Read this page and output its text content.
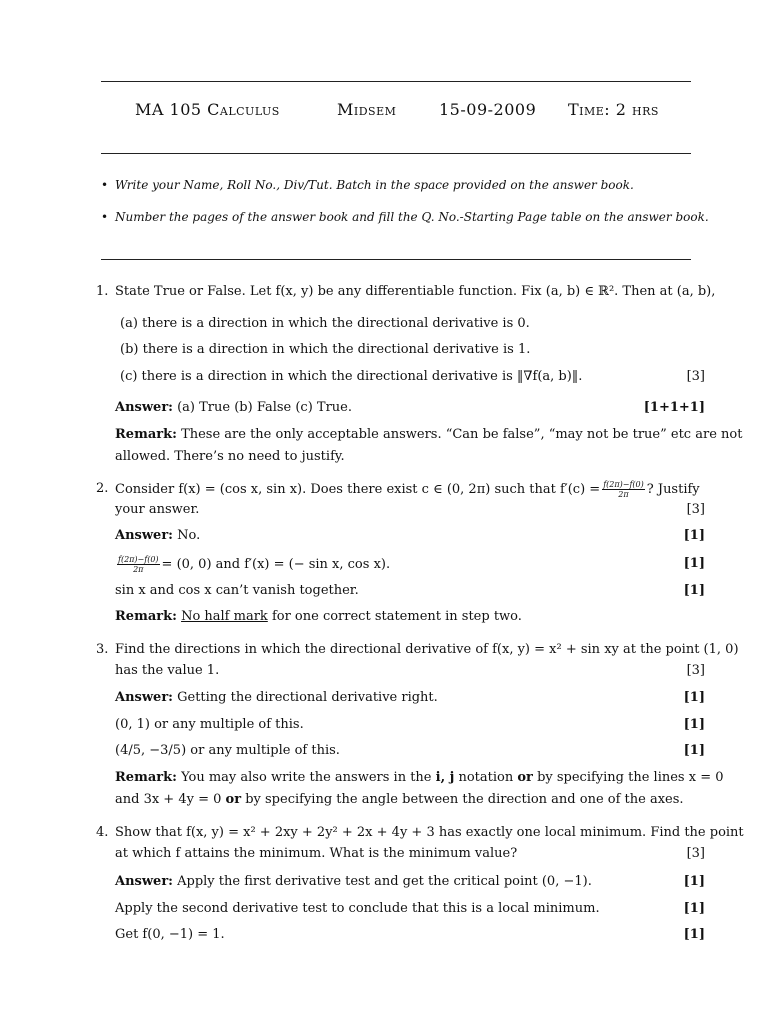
MA 105 Calculus	Midsem	15-09-2009 Time: 2 hrs
• Write your Name, Roll No., Div/Tut. Batch in the space provided on the answer book.
• Number the pages of the answer book and fill the Q. No.-Starting Page table on the answer book.
1. State True or False. Let f(x, y) be any differentiable function. Fix (a, b) ∈ ℝ². Then at (a, b),
(a) there is a direction in which the directional derivative is 0.
(b) there is a direction in which the directional derivative is 1.
(c) there is a direction in which the directional derivative is ‖∇f(a, b)‖.	[3]
Answer: (a) True (b) False (c) True.	[1+1+1]
Remark: These are the only acceptable answers. “Can be false”, “may not be true” etc are not
allowed. There’s no need to justify.
2. Consider f(x) = (cos x, sin x). Does there exist c ∈ (0, 2π) such that $f'(c) = \frac{f(2\pi)-f(0)}{2\pi}$ ? Justify
your answer.	[3]
Answer: No.	[1]
$\frac{f(2\pi)-f(0)}{2\pi} = (0$, 0) and f′(x) = (− sin x, cos x).	[1]
sin x and cos x can’t vanish together.	[1]
Remark: No half mark for one correct statement in step two.
3. Find the directions in which the directional derivative of f(x, y) = x² + sin xy at the point (1, 0)
has the value 1.	[3]
Answer: Getting the directional derivative right.	[1]
(0, 1) or any multiple of this.	[1]
(4/5, −3/5) or any multiple of this.	[1]
Remark: You may also write the answers in the i, j notation or by specifying the lines x = 0
and 3x + 4y = 0 or by specifying the angle between the direction and one of the axes.
4. Show that f(x, y) = x² + 2xy + 2y² + 2x + 4y + 3 has exactly one local minimum. Find the point
at which f attains the minimum. What is the minimum value?	[3]
Answer: Apply the first derivative test and get the critical point (0, −1).	[1]
Apply the second derivative test to conclude that this is a local minimum.	[1]
Get f(0, −1) = 1.	[1]
